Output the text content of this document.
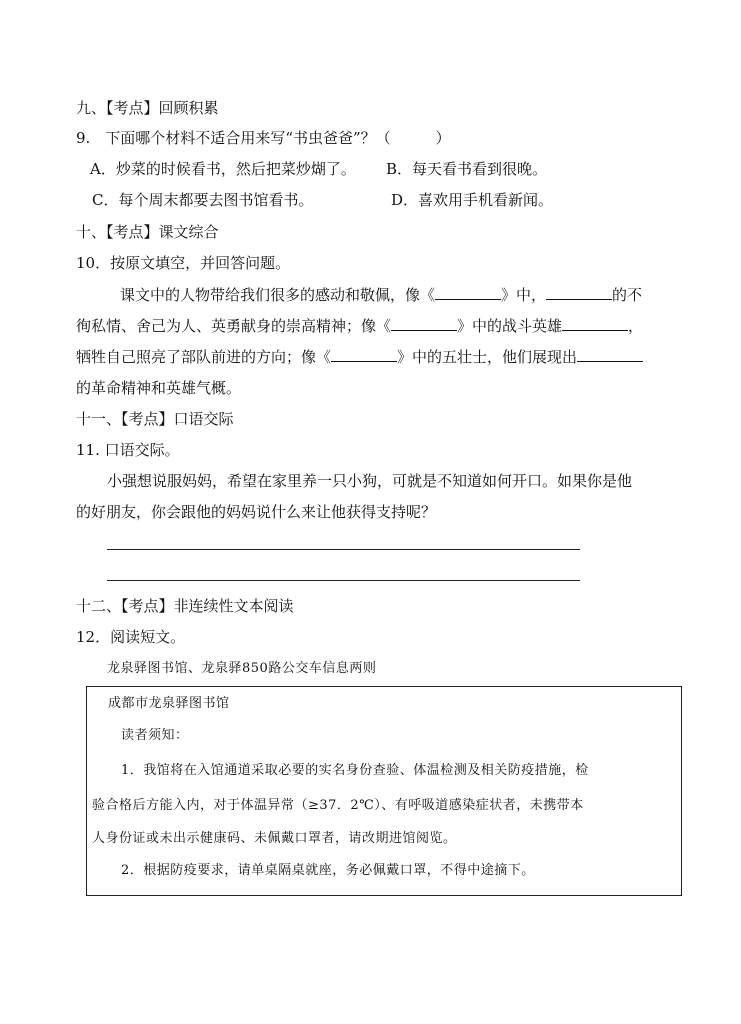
九、【考点】回顾积累
9.　下面哪个材料不适合用来写“书虫爸爸”？（　　　）
A．炒菜的时候看书，然后把菜炒煳了。 B．每天看书看到很晚。
C．每个周末都要去图书馆看书。	D．喜欢用手机看新闻。
十、【考点】课文综合
10．按原文填空，并回答问题。
课文中的人物带给我们很多的感动和敬佩，像《	》中，	的不
徇私情、舍己为人、英勇献身的崇高精神；像《	》中的战斗英雄	，
牺牲自己照亮了部队前进的方向；像《	》中的五壮士，他们展现出
的革命精神和英雄气概。
十一、【考点】口语交际
11. 口语交际。
小强想说服妈妈，希望在家里养一只小狗，可就是不知道如何开口。如果你是他
的好朋友，你会跟他的妈妈说什么来让他获得支持呢？
十二、【考点】非连续性文本阅读
12．阅读短文。
龙泉驿图书馆、龙泉驿850路公交车信息两则
成都市龙泉驿图书馆
读者须知：
1．我馆将在入馆通道采取必要的实名身份查验、体温检测及相关防疫措施，检
验合格后方能入内，对于体温异常（≥37．2℃）、有呼吸道感染症状者，未携带本
人身份证或未出示健康码、未佩戴口罩者，请改期进馆阅览。
2．根据防疫要求，请单桌隔桌就座，务必佩戴口罩，不得中途摘下。
